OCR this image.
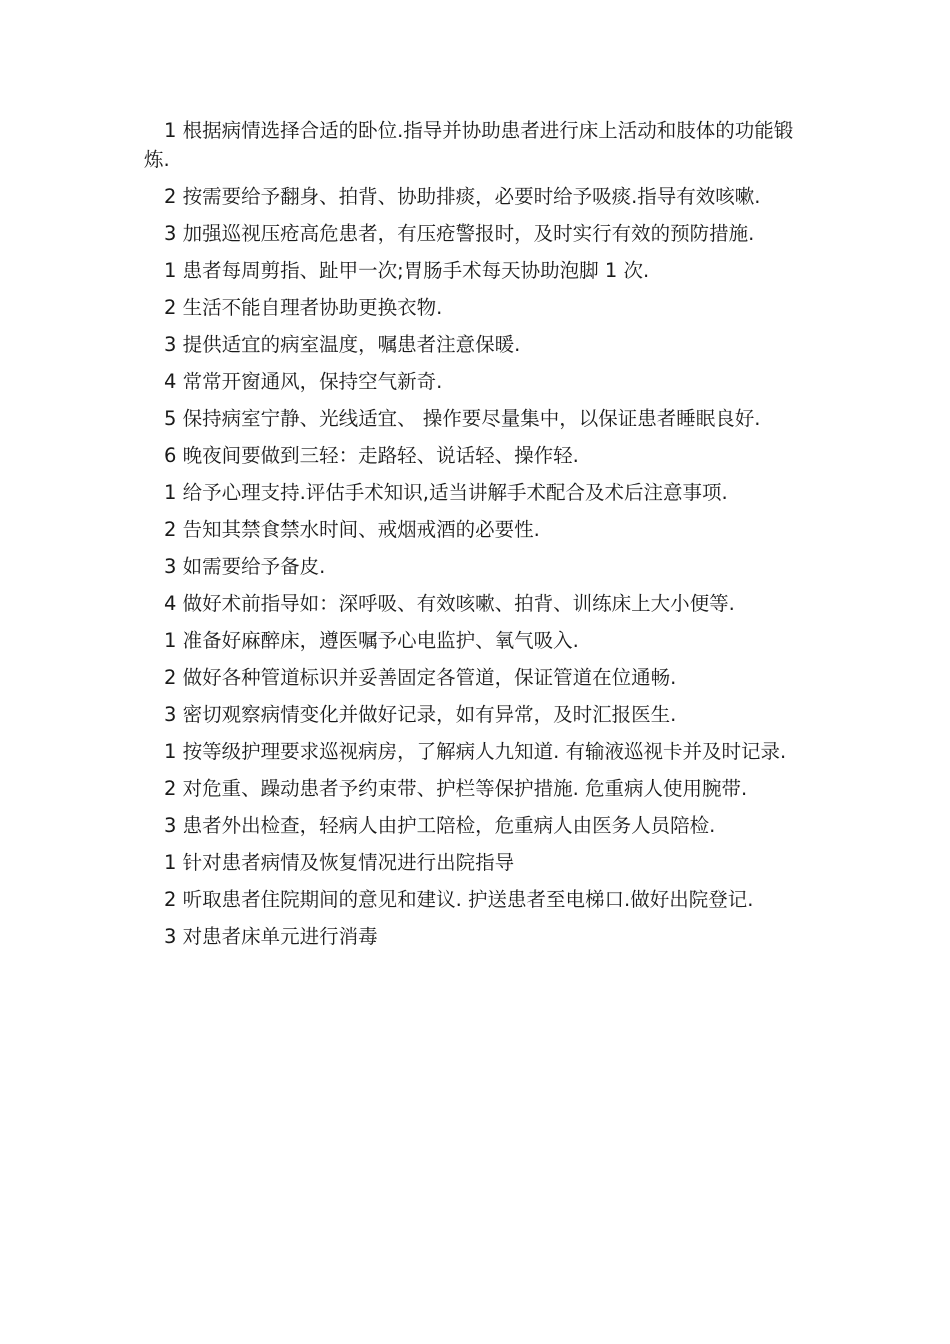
1 根据病情选择合适的卧位.指导并协助患者进行床上活动和肢体的功能锻炼.

2 按需要给予翻身、拍背、协助排痰，必要时给予吸痰.指导有效咳嗽.

3 加强巡视压疮高危患者，有压疮警报时，及时实行有效的预防措施.

1 患者每周剪指、趾甲一次;胃肠手术每天协助泡脚 1 次.

2 生活不能自理者协助更换衣物.

3 提供适宜的病室温度，嘱患者注意保暖.

4 常常开窗通风，保持空气新奇.

5 保持病室宁静、光线适宜、 操作要尽量集中，以保证患者睡眠良好.

6 晚夜间要做到三轻：走路轻、说话轻、操作轻.

1 给予心理支持.评估手术知识,适当讲解手术配合及术后注意事项.

2 告知其禁食禁水时间、戒烟戒酒的必要性.

3 如需要给予备皮.

4 做好术前指导如：深呼吸、有效咳嗽、拍背、训练床上大小便等.

1 准备好麻醉床，遵医嘱予心电监护、氧气吸入.

2 做好各种管道标识并妥善固定各管道，保证管道在位通畅.

3 密切观察病情变化并做好记录，如有异常，及时汇报医生.

1 按等级护理要求巡视病房，了解病人九知道. 有输液巡视卡并及时记录.

2 对危重、躁动患者予约束带、护栏等保护措施. 危重病人使用腕带.

3 患者外出检查，轻病人由护工陪检，危重病人由医务人员陪检.

1 针对患者病情及恢复情况进行出院指导

2 听取患者住院期间的意见和建议. 护送患者至电梯口.做好出院登记.

3 对患者床单元进行消毒
